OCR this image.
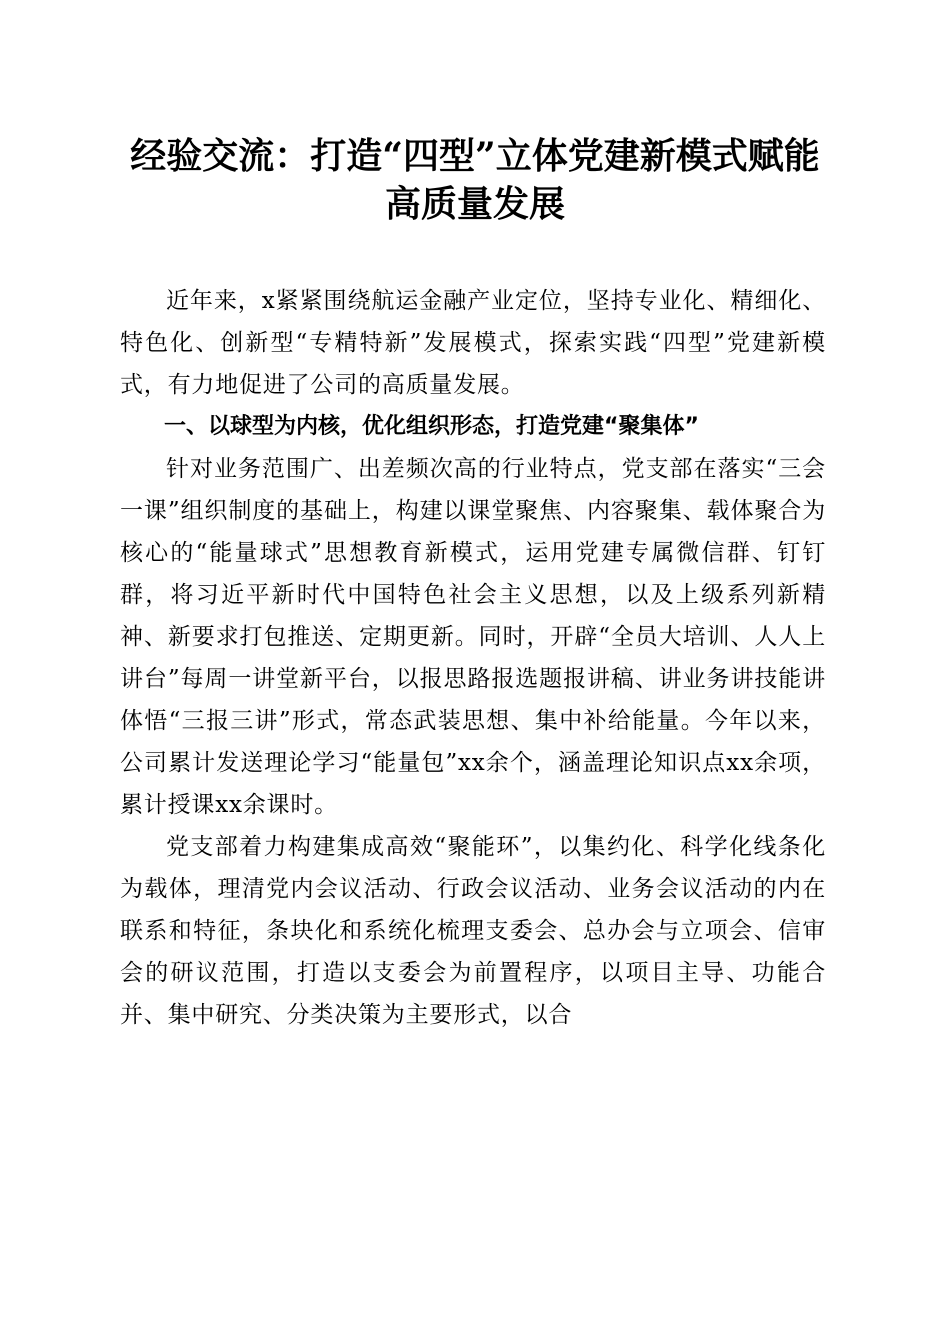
经验交流：打造“四型”立体党建新模式赋能
高质量发展

近年来，x紧紧围绕航运金融产业定位，坚持专业化、精细化、特色化、创新型“专精特新”发展模式，探索实践“四型”党建新模式，有力地促进了公司的高质量发展。

一、以球型为内核，优化组织形态，打造党建“聚集体”

针对业务范围广、出差频次高的行业特点，党支部在落实“三会一课”组织制度的基础上，构建以课堂聚焦、内容聚集、载体聚合为核心的“能量球式”思想教育新模式，运用党建专属微信群、钉钉群，将习近平新时代中国特色社会主义思想，以及上级系列新精神、新要求打包推送、定期更新。同时，开辟“全员大培训、人人上讲台”每周一讲堂新平台，以报思路报选题报讲稿、讲业务讲技能讲体悟“三报三讲”形式，常态武装思想、集中补给能量。今年以来，公司累计发送理论学习“能量包”xx余个，涵盖理论知识点xx余项，累计授课xx余课时。

党支部着力构建集成高效“聚能环”，以集约化、科学化线条化为载体，理清党内会议活动、行政会议活动、业务会议活动的内在联系和特征，条块化和系统化梳理支委会、总办会与立项会、信审会的研议范围，打造以支委会为前置程序，以项目主导、功能合并、集中研究、分类决策为主要形式，以合
